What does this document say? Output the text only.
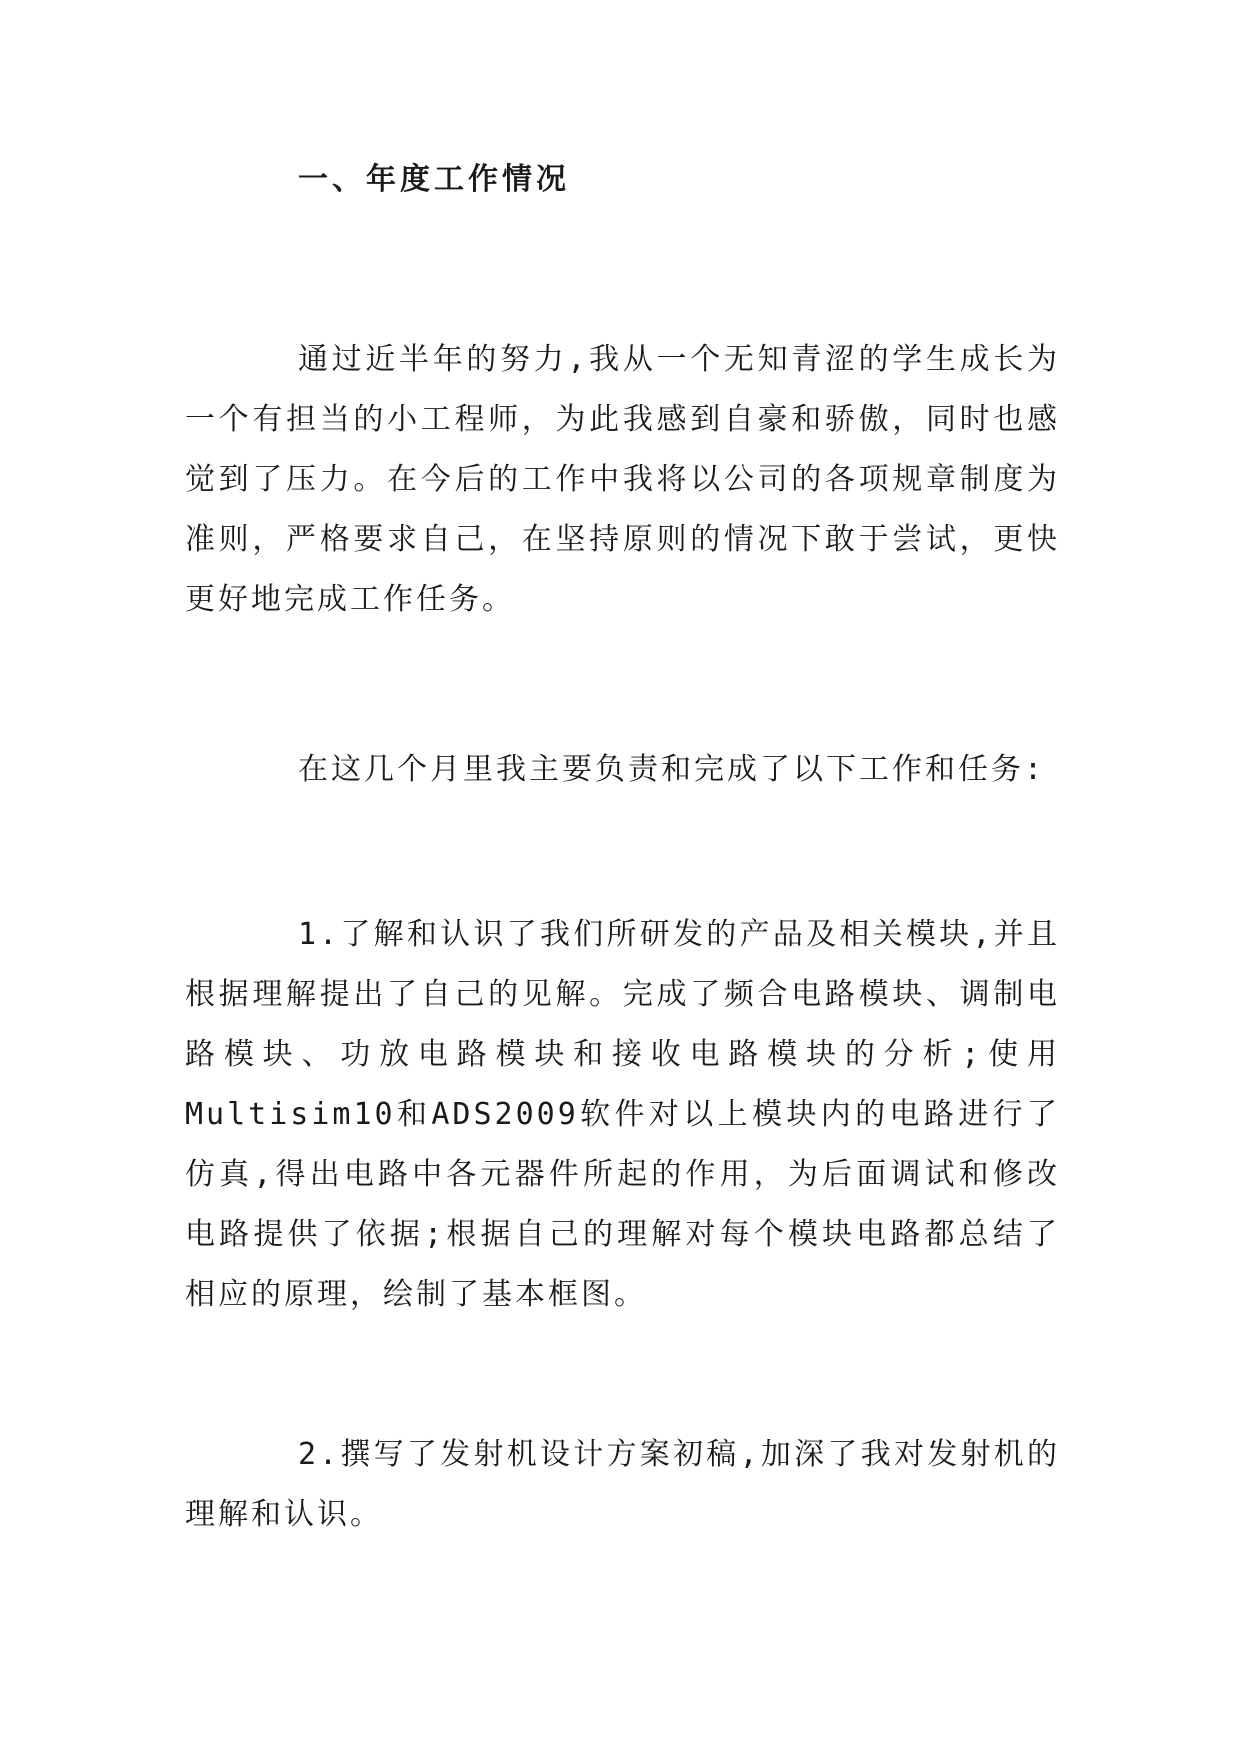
一、年度工作情况

通过近半年的努力,我从一个无知青涩的学生成长为一个有担当的小工程师，为此我感到自豪和骄傲，同时也感觉到了压力。在今后的工作中我将以公司的各项规章制度为准则，严格要求自己，在坚持原则的情况下敢于尝试，更快更好地完成工作任务。

在这几个月里我主要负责和完成了以下工作和任务:

1.了解和认识了我们所研发的产品及相关模块,并且根据理解提出了自己的见解。完成了频合电路模块、调制电路模块、功放电路模块和接收电路模块的分析;使用Multisim10和ADS2009软件对以上模块内的电路进行了仿真,得出电路中各元器件所起的作用，为后面调试和修改电路提供了依据;根据自己的理解对每个模块电路都总结了相应的原理，绘制了基本框图。

2.撰写了发射机设计方案初稿,加深了我对发射机的理解和认识。
